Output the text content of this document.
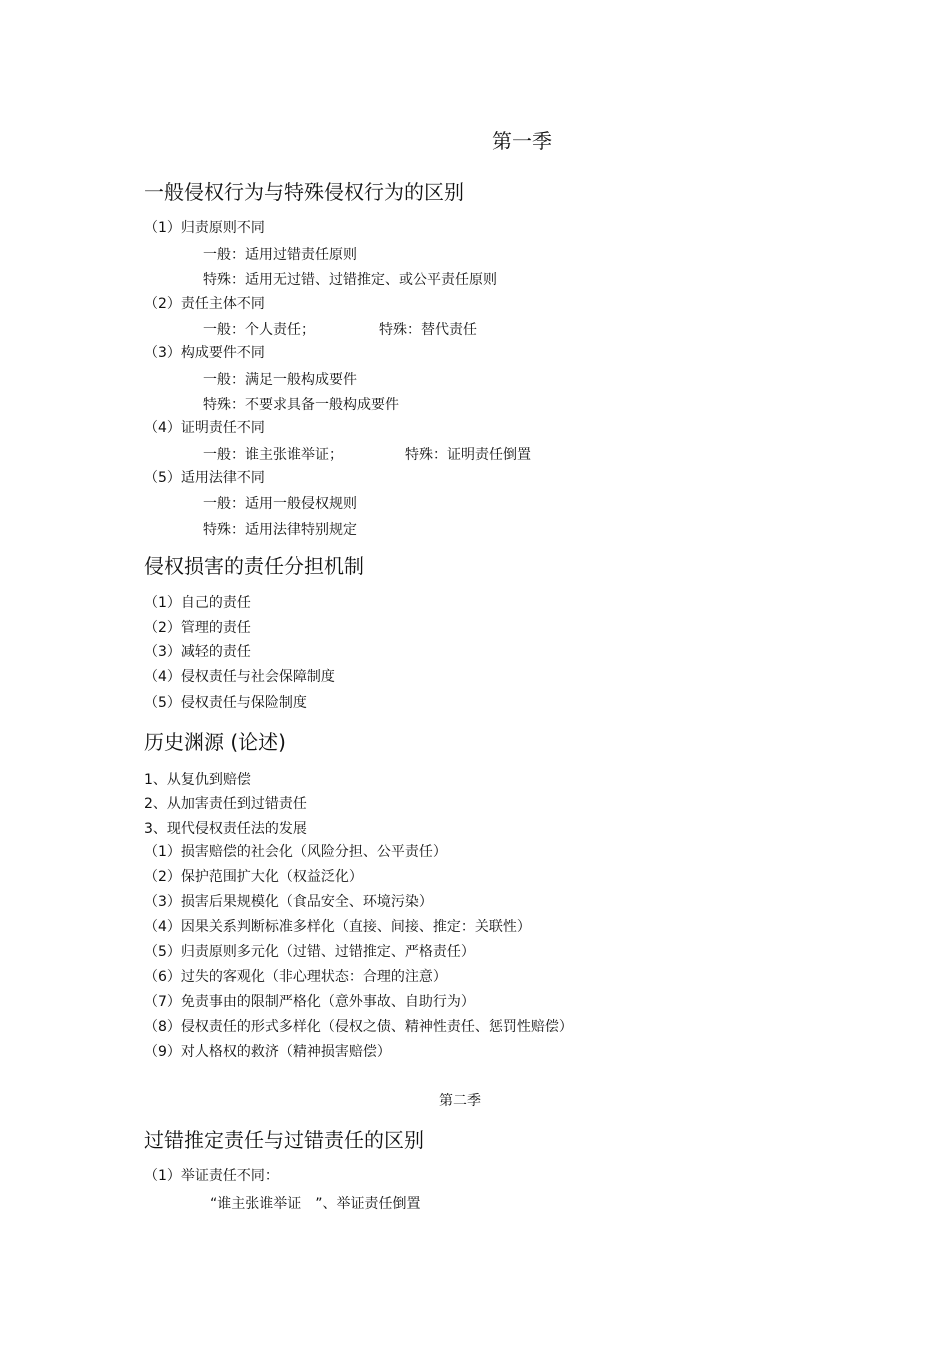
第一季
一般侵权行为与特殊侵权行为的区别
（1）归责原则不同
一般：适用过错责任原则
特殊：适用无过错、过错推定、或公平责任原则
（2）责任主体不同
一般：个人责任；	特殊：替代责任
（3）构成要件不同
一般：满足一般构成要件
特殊：不要求具备一般构成要件
（4）证明责任不同
一般：谁主张谁举证；	特殊：证明责任倒置
（5）适用法律不同
一般：适用一般侵权规则
特殊：适用法律特别规定
侵权损害的责任分担机制
（1）自己的责任
（2）管理的责任
（3）减轻的责任
（4）侵权责任与社会保障制度
（5）侵权责任与保险制度
历史渊源 (论述)
1、从复仇到赔偿
2、从加害责任到过错责任
3、现代侵权责任法的发展
（1）损害赔偿的社会化（风险分担、公平责任）
（2）保护范围扩大化（权益泛化）
（3）损害后果规模化（食品安全、环境污染）
（4）因果关系判断标准多样化（直接、间接、推定：关联性）
（5）归责原则多元化（过错、过错推定、严格责任）
（6）过失的客观化（非心理状态：合理的注意）
（7）免责事由的限制严格化（意外事故、自助行为）
（8）侵权责任的形式多样化（侵权之债、精神性责任、惩罚性赔偿）
（9）对人格权的救济（精神损害赔偿）
第二季
过错推定责任与过错责任的区别
（1）举证责任不同：
“谁主张谁举证 ”、举证责任倒置
